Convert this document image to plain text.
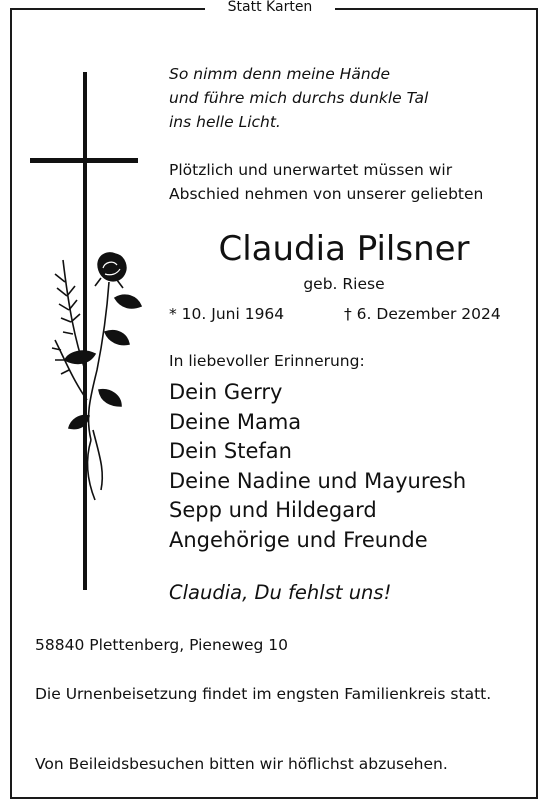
Statt Karten
So nimm denn meine Hände
und führe mich durchs dunkle Tal
ins helle Licht.
Plötzlich und unerwartet müssen wir
Abschied nehmen von unserer geliebten
Claudia Pilsner
geb. Riese
* 10. Juni 1964	† 6. Dezember 2024
In liebevoller Erinnerung:
Dein Gerry
Deine Mama
Dein Stefan
Deine Nadine und Mayuresh
Sepp und Hildegard
Angehörige und Freunde
Claudia, Du fehlst uns!
58840 Plettenberg, Pieneweg 10
Die Urnenbeisetzung findet im engsten Familienkreis statt.
Von Beileidsbesuchen bitten wir höflichst abzusehen.
